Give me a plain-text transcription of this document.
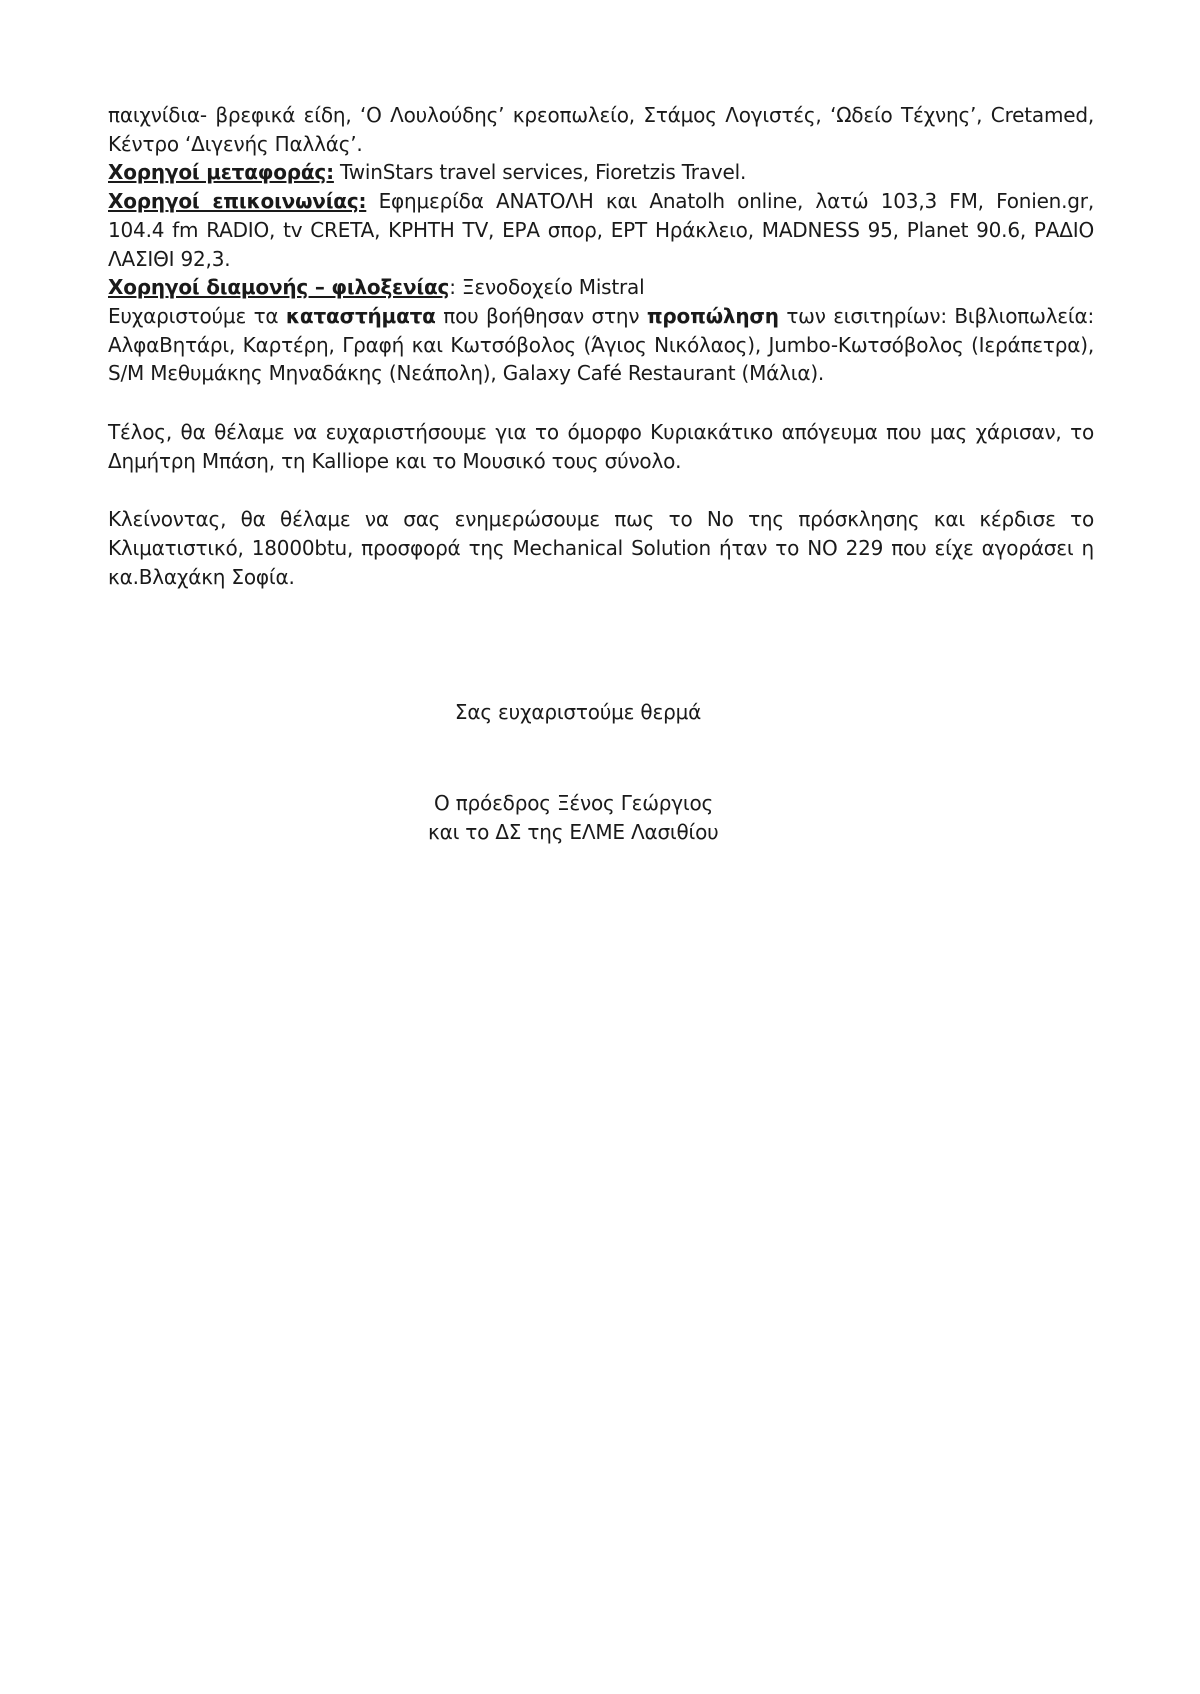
παιχνίδια- βρεφικά είδη, ‘Ο Λουλούδης’ κρεοπωλείο, Στάμος Λογιστές, ‘Ωδείο Τέχνης’, Cretamed, Κέντρο ‘Διγενής Παλλάς’.

Χορηγοί μεταφοράς: TwinStars travel services, Fioretzis Travel.

Χορηγοί επικοινωνίας: Εφημερίδα ΑΝΑΤΟΛΗ και Anatolh online, λατώ 103,3 FM, Fonien.gr, 104.4 fm RADIO, tv CRETA, ΚΡΗΤΗ TV, ΕΡΑ σπορ, ΕΡΤ Ηράκλειο, MADNESS 95, Planet 90.6, ΡΑΔΙΟ ΛΑΣΙΘΙ 92,3.

Χορηγοί διαμονής – φιλοξενίας: Ξενοδοχείο Mistral

Ευχαριστούμε τα καταστήματα που βοήθησαν στην προπώληση των εισιτηρίων: Βιβλιοπωλεία: ΑλφαΒητάρι, Καρτέρη, Γραφή και Κωτσόβολος (Άγιος Νικόλαος), Jumbo-Κωτσόβολος (Ιεράπετρα), S/M Μεθυμάκης Μηναδάκης (Νεάπολη), Galaxy Café Restaurant (Μάλια).

Τέλος, θα θέλαμε να ευχαριστήσουμε για το όμορφο Κυριακάτικο απόγευμα που μας χάρισαν, το Δημήτρη Μπάση, τη Kalliope και το Μουσικό τους σύνολο.

Κλείνοντας, θα θέλαμε να σας ενημερώσουμε πως το Νο της πρόσκλησης και κέρδισε το Κλιματιστικό, 18000btu, προσφορά της Mechanical Solution ήταν το ΝΟ 229 που είχε αγοράσει η κα.Βλαχάκη Σοφία.

Σας ευχαριστούμε θερμά
Ο πρόεδρος Ξένος Γεώργιος
και το ΔΣ της ΕΛΜΕ Λασιθίου
